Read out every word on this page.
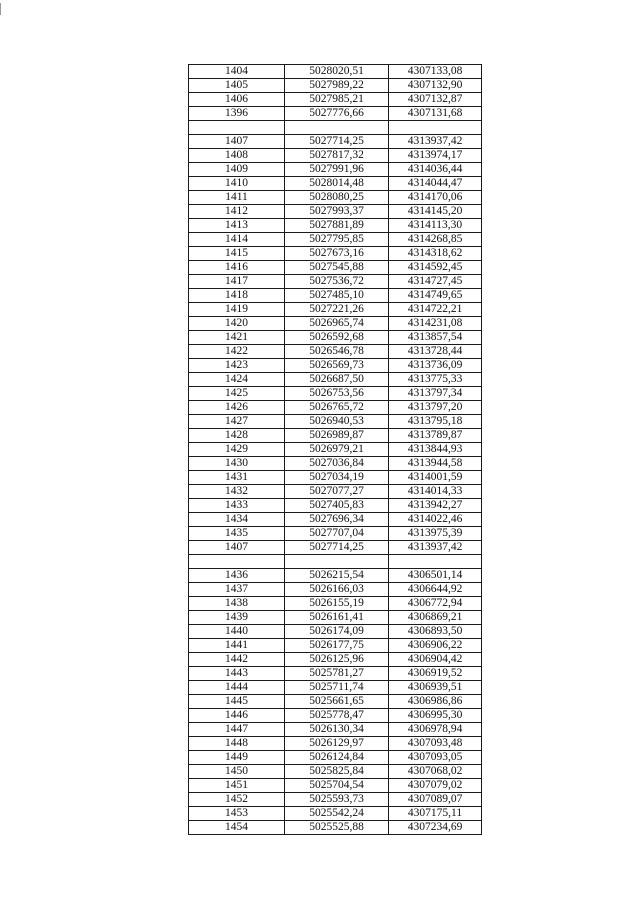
1404	5028020,51	4307133,08
1405	5027989,22	4307132,90
1406	5027985,21	4307132,87
1396	5027776,66	4307131,68

1407	5027714,25	4313937,42
1408	5027817,32	4313974,17
1409	5027991,96	4314036,44
1410	5028014,48	4314044,47
1411	5028080,25	4314170,06
1412	5027993,37	4314145,20
1413	5027881,89	4314113,30
1414	5027795,85	4314268,85
1415	5027673,16	4314318,62
1416	5027545,88	4314592,45
1417	5027536,72	4314727,45
1418	5027485,10	4314749,65
1419	5027221,26	4314722,21
1420	5026965,74	4314231,08
1421	5026592,68	4313857,54
1422	5026546,78	4313728,44
1423	5026569,73	4313736,09
1424	5026687,50	4313775,33
1425	5026753,56	4313797,34
1426	5026765,72	4313797,20
1427	5026940,53	4313795,18
1428	5026989,87	4313789,87
1429	5026979,21	4313844,93
1430	5027036,84	4313944,58
1431	5027034,19	4314001,59
1432	5027077,27	4314014,33
1433	5027405,83	4313942,27
1434	5027696,34	4314022,46
1435	5027707,04	4313975,39
1407	5027714,25	4313937,42

1436	5026215,54	4306501,14
1437	5026166,03	4306644,92
1438	5026155,19	4306772,94
1439	5026161,41	4306869,21
1440	5026174,09	4306893,50
1441	5026177,75	4306906,22
1442	5026125,96	4306904,42
1443	5025781,27	4306919,52
1444	5025711,74	4306939,51
1445	5025661,65	4306986,86
1446	5025778,47	4306995,30
1447	5026130,34	4306978,94
1448	5026129,97	4307093,48
1449	5026124,84	4307093,05
1450	5025825,84	4307068,02
1451	5025704,54	4307079,02
1452	5025593,73	4307089,07
1453	5025542,24	4307175,11
1454	5025525,88	4307234,69
